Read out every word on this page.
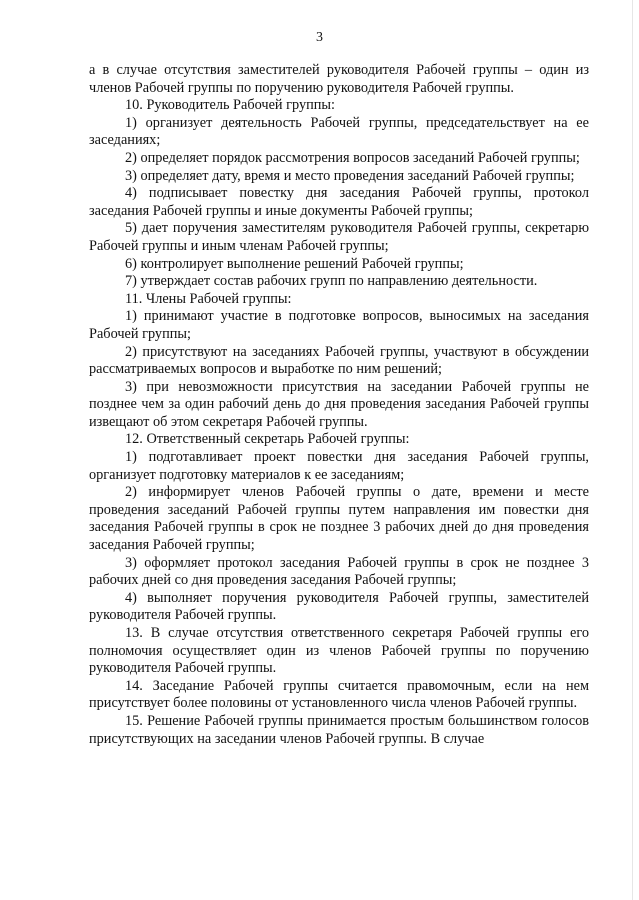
3

а в случае отсутствия заместителей руководителя Рабочей группы – один из членов Рабочей группы по поручению руководителя Рабочей группы.

10. Руководитель Рабочей группы:

1) организует деятельность Рабочей группы, председательствует на ее заседаниях;

2) определяет порядок рассмотрения вопросов заседаний Рабочей группы;

3) определяет дату, время и место проведения заседаний Рабочей группы;

4) подписывает повестку дня заседания Рабочей группы, протокол заседания Рабочей группы и иные документы Рабочей группы;

5) дает поручения заместителям руководителя Рабочей группы, секретарю Рабочей группы и иным членам Рабочей группы;

6) контролирует выполнение решений Рабочей группы;

7) утверждает состав рабочих групп по направлению деятельности.

11. Члены Рабочей группы:

1) принимают участие в подготовке вопросов, выносимых на заседания Рабочей группы;

2) присутствуют на заседаниях Рабочей группы, участвуют в обсуждении рассматриваемых вопросов и выработке по ним решений;

3) при невозможности присутствия на заседании Рабочей группы не позднее чем за один рабочий день до дня проведения заседания Рабочей группы извещают об этом секретаря Рабочей группы.

12. Ответственный секретарь Рабочей группы:

1) подготавливает проект повестки дня заседания Рабочей группы, организует подготовку материалов к ее заседаниям;

2) информирует членов Рабочей группы о дате, времени и месте проведения заседаний Рабочей группы путем направления им повестки дня заседания Рабочей группы в срок не позднее 3 рабочих дней до дня проведения заседания Рабочей группы;

3) оформляет протокол заседания Рабочей группы в срок не позднее 3 рабочих дней со дня проведения заседания Рабочей группы;

4) выполняет поручения руководителя Рабочей группы, заместителей руководителя Рабочей группы.

13. В случае отсутствия ответственного секретаря Рабочей группы его полномочия осуществляет один из членов Рабочей группы по поручению руководителя Рабочей группы.

14. Заседание Рабочей группы считается правомочным, если на нем присутствует более половины от установленного числа членов Рабочей группы.

15. Решение Рабочей группы принимается простым большинством голосов присутствующих на заседании членов Рабочей группы. В случае
